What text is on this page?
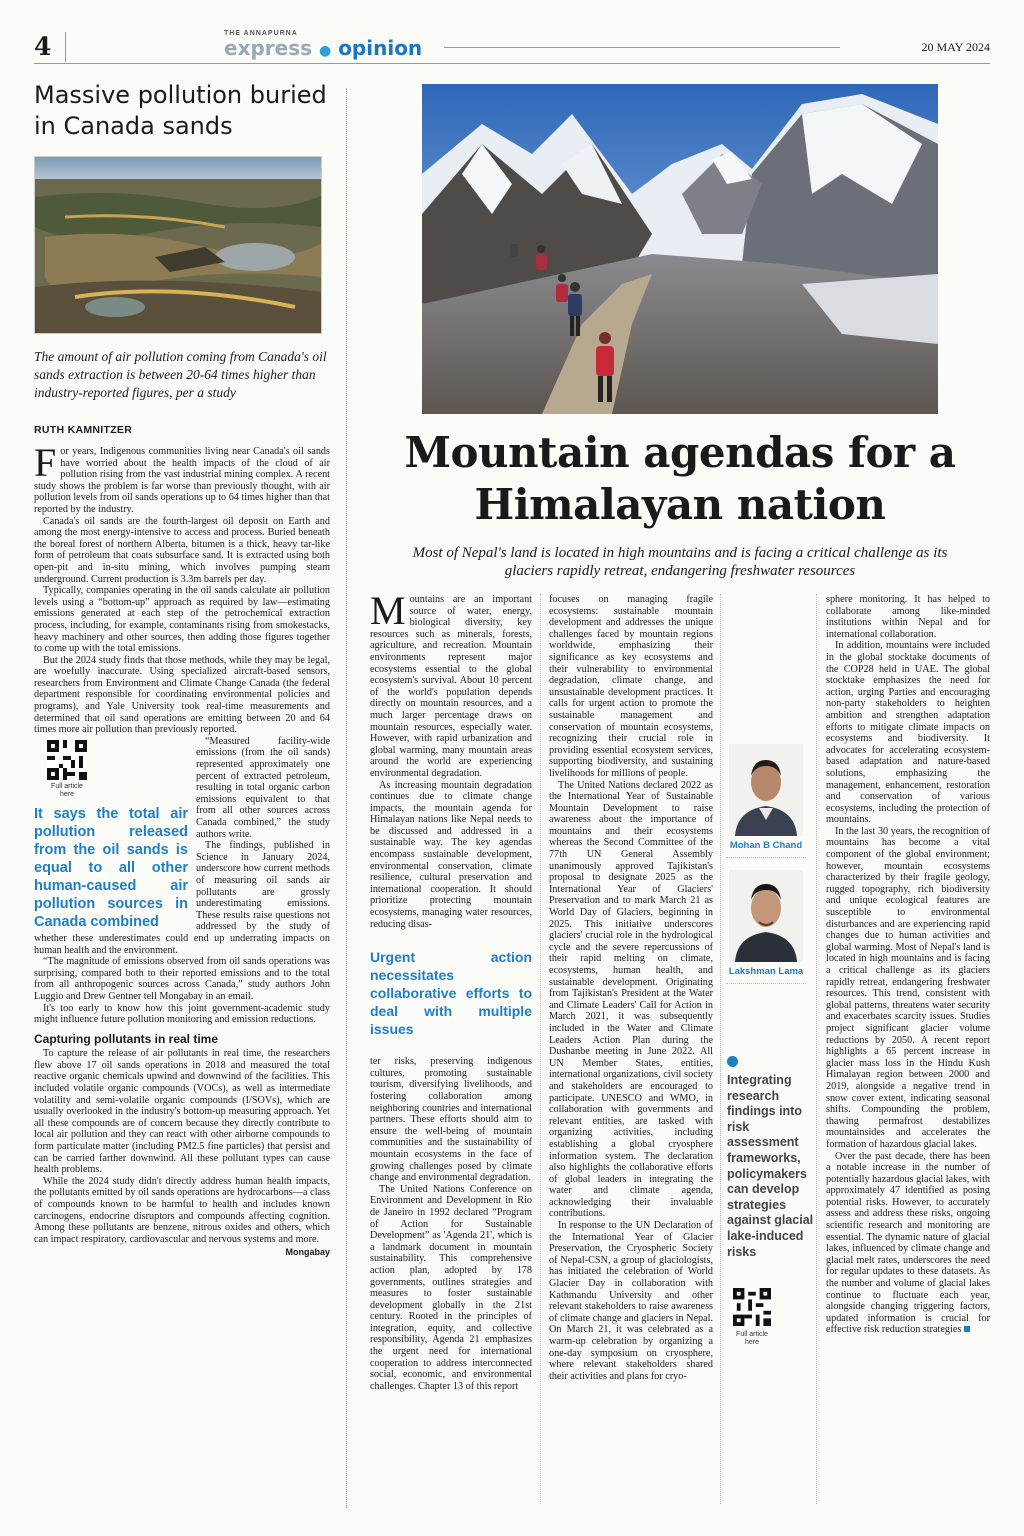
4	THE ANNAPURNA
express ● opinion	20 MAY 2024
Massive pollution buried in Canada sands

The amount of air pollution coming from Canada's oil sands extraction is between 20-64 times higher than industry-reported figures, per a study

RUTH KAMNITZER

For years, Indigenous communities living near Canada's oil sands have worried about the health impacts of the cloud of air pollution rising from the vast industrial mining complex. A recent study shows the problem is far worse than previously thought, with air pollution levels from oil sands operations up to 64 times higher than that reported by the industry.

Canada's oil sands are the fourth-largest oil deposit on Earth and among the most energy-intensive to access and process. Buried beneath the boreal forest of northern Alberta, bitumen is a thick, heavy tar-like form of petroleum that coats subsurface sand. It is extracted using both open-pit and in-situ mining, which involves pumping steam underground. Current production is 3.3m barrels per day.

Typically, companies operating in the oil sands calculate air pollution levels using a “bottom-up” approach as required by law—estimating emissions generated at each step of the petrochemical extraction process, including, for example, contaminants rising from smokestacks, heavy machinery and other sources, then adding those figures together to come up with the total emissions.

But the 2024 study finds that those methods, while they may be legal, are woefully inaccurate. Using specialized aircraft-based sensors, researchers from Environment and Climate Change Canada (the federal department responsible for coordinating environmental policies and programs), and Yale University took real-time measurements and determined that oil sand operations are emitting between 20 and 64 times more air pollution than previously reported.

Full article here
It says the total air pollution released from the oil sands is equal to all other human-caused air pollution sources in Canada combined

“Measured facility-wide emissions (from the oil sands) represented approximately one percent of extracted petroleum, resulting in total organic carbon emissions equivalent to that from all other sources across Canada combined,” the study authors write.

The findings, published in Science in January 2024, underscore how current methods of measuring oil sands air pollutants are grossly underestimating emissions. These results raise questions not addressed by the study of whether these underestimates could end up underrating impacts on human health and the environment.

“The magnitude of emissions observed from oil sands operations was surprising, compared both to their reported emissions and to the total from all anthropogenic sources across Canada,” study authors John Luggio and Drew Gentner tell Mongabay in an email.

It's too early to know how this joint government-academic study might influence future pollution monitoring and emission reductions.

Capturing pollutants in real time

To capture the release of air pollutants in real time, the researchers flew above 17 oil sands operations in 2018 and measured the total reactive organic chemicals upwind and downwind of the facilities. This included volatile organic compounds (VOCs), as well as intermediate volatility and semi-volatile organic compounds (I/SOVs), which are usually overlooked in the industry's bottom-up measuring approach. Yet all these compounds are of concern because they directly contribute to local air pollution and they can react with other airborne compounds to form particulate matter (including PM2.5 fine particles) that persist and can be carried farther downwind. All these pollutant types can cause health problems.

While the 2024 study didn't directly address human health impacts, the pollutants emitted by oil sands operations are hydrocarbons—a class of compounds known to be harmful to health and includes known carcinogens, endocrine disruptors and compounds affecting cognition. Among these pollutants are benzene, nitrous oxides and others, which can impact respiratory, cardiovascular and nervous systems and more.

Mongabay
Mountain agendas for a Himalayan nation

Most of Nepal's land is located in high mountains and is facing a critical challenge as its glaciers rapidly retreat, endangering freshwater resources

Mountains are an important source of water, energy, biological diversity, key resources such as minerals, forests, agriculture, and recreation. Mountain environments represent major ecosystems essential to the global ecosystem's survival. About 10 percent of the world's population depends directly on mountain resources, and a much larger percentage draws on mountain resources, especially water. However, with rapid urbanization and global warming, many mountain areas around the world are experiencing environmental degradation.

As increasing mountain degradation continues due to climate change impacts, the mountain agenda for Himalayan nations like Nepal needs to be discussed and addressed in a sustainable way. The key agendas encompass sustainable development, environmental conservation, climate resilience, cultural preservation and international cooperation. It should prioritize protecting mountain ecosystems, managing water resources, reducing disas-

Urgent action necessitates collaborative efforts to deal with multiple issues

ter risks, preserving indigenous cultures, promoting sustainable tourism, diversifying livelihoods, and fostering collaboration among neighboring countries and international partners. These efforts should aim to ensure the well-being of mountain communities and the sustainability of mountain ecosystems in the face of growing challenges posed by climate change and environmental degradation.

The United Nations Conference on Environment and Development in Rio de Janeiro in 1992 declared “Program of Action for Sustainable Development” as 'Agenda 21', which is a landmark document in mountain sustainability. This comprehensive action plan, adopted by 178 governments, outlines strategies and measures to foster sustainable development globally in the 21st century. Rooted in the principles of integration, equity, and collective responsibility, Agenda 21 emphasizes the urgent need for international cooperation to address interconnected social, economic, and environmental challenges. Chapter 13 of this report

focuses on managing fragile ecosystems: sustainable mountain development and addresses the unique challenges faced by mountain regions worldwide, emphasizing their significance as key ecosystems and their vulnerability to environmental degradation, climate change, and unsustainable development practices. It calls for urgent action to promote the sustainable management and conservation of mountain ecosystems, recognizing their crucial role in providing essential ecosystem services, supporting biodiversity, and sustaining livelihoods for millions of people.

The United Nations declared 2022 as the International Year of Sustainable Mountain Development to raise awareness about the importance of mountains and their ecosystems whereas the Second Committee of the 77th UN General Assembly unanimously approved Tajikistan's proposal to designate 2025 as the International Year of Glaciers' Preservation and to mark March 21 as World Day of Glaciers, beginning in 2025. This initiative underscores glaciers' crucial role in the hydrological cycle and the severe repercussions of their rapid melting on climate, ecosystems, human health, and sustainable development. Originating from Tajikistan's President at the Water and Climate Leaders' Call for Action in March 2021, it was subsequently included in the Water and Climate Leaders Action Plan during the Dushanbe meeting in June 2022. All UN Member States, entities, international organizations, civil society and stakeholders are encouraged to participate. UNESCO and WMO, in collaboration with governments and relevant entities, are tasked with organizing activities, including establishing a global cryosphere information system. The declaration also highlights the collaborative efforts of global leaders in integrating the water and climate agenda, acknowledging their invaluable contributions.

In response to the UN Declaration of the International Year of Glacier Preservation, the Cryospheric Society of Nepal-CSN, a group of glaciologists, has initiated the celebration of World Glacier Day in collaboration with Kathmandu University and other relevant stakeholders to raise awareness of climate change and glaciers in Nepal. On March 21, it was celebrated as a warm-up celebration by organizing a one-day symposium on cryosphere, where relevant stakeholders shared their activities and plans for cryo-

Mohan B Chand
Lakshman Lama
Integrating research findings into risk assessment frameworks, policymakers can develop strategies against glacial lake-induced risks
Full article here

sphere monitoring. It has helped to collaborate among like-minded institutions within Nepal and for international collaboration.

In addition, mountains were included in the global stocktake documents of the COP28 held in UAE. The global stocktake emphasizes the need for action, urging Parties and encouraging non-party stakeholders to heighten ambition and strengthen adaptation efforts to mitigate climate impacts on ecosystems and biodiversity. It advocates for accelerating ecosystem-based adaptation and nature-based solutions, emphasizing the management, enhancement, restoration and conservation of various ecosystems, including the protection of mountains.

In the last 30 years, the recognition of mountains has become a vital component of the global environment; however, mountain ecosystems characterized by their fragile geology, rugged topography, rich biodiversity and unique ecological features are susceptible to environmental disturbances and are experiencing rapid changes due to human activities and global warming. Most of Nepal's land is located in high mountains and is facing a critical challenge as its glaciers rapidly retreat, endangering freshwater resources. This trend, consistent with global patterns, threatens water security and exacerbates scarcity issues. Studies project significant glacier volume reductions by 2050. A recent report highlights a 65 percent increase in glacier mass loss in the Hindu Kush Himalayan region between 2000 and 2019, alongside a negative trend in snow cover extent, indicating seasonal shifts. Compounding the problem, thawing permafrost destabilizes mountainsides and accelerates the formation of hazardous glacial lakes.

Over the past decade, there has been a notable increase in the number of potentially hazardous glacial lakes, with approximately 47 identified as posing potential risks. However, to accurately assess and address these risks, ongoing scientific research and monitoring are essential. The dynamic nature of glacial lakes, influenced by climate change and glacial melt rates, underscores the need for regular updates to these datasets. As the number and volume of glacial lakes continue to fluctuate each year, alongside changing triggering factors, updated information is crucial for effective risk reduction strategies
